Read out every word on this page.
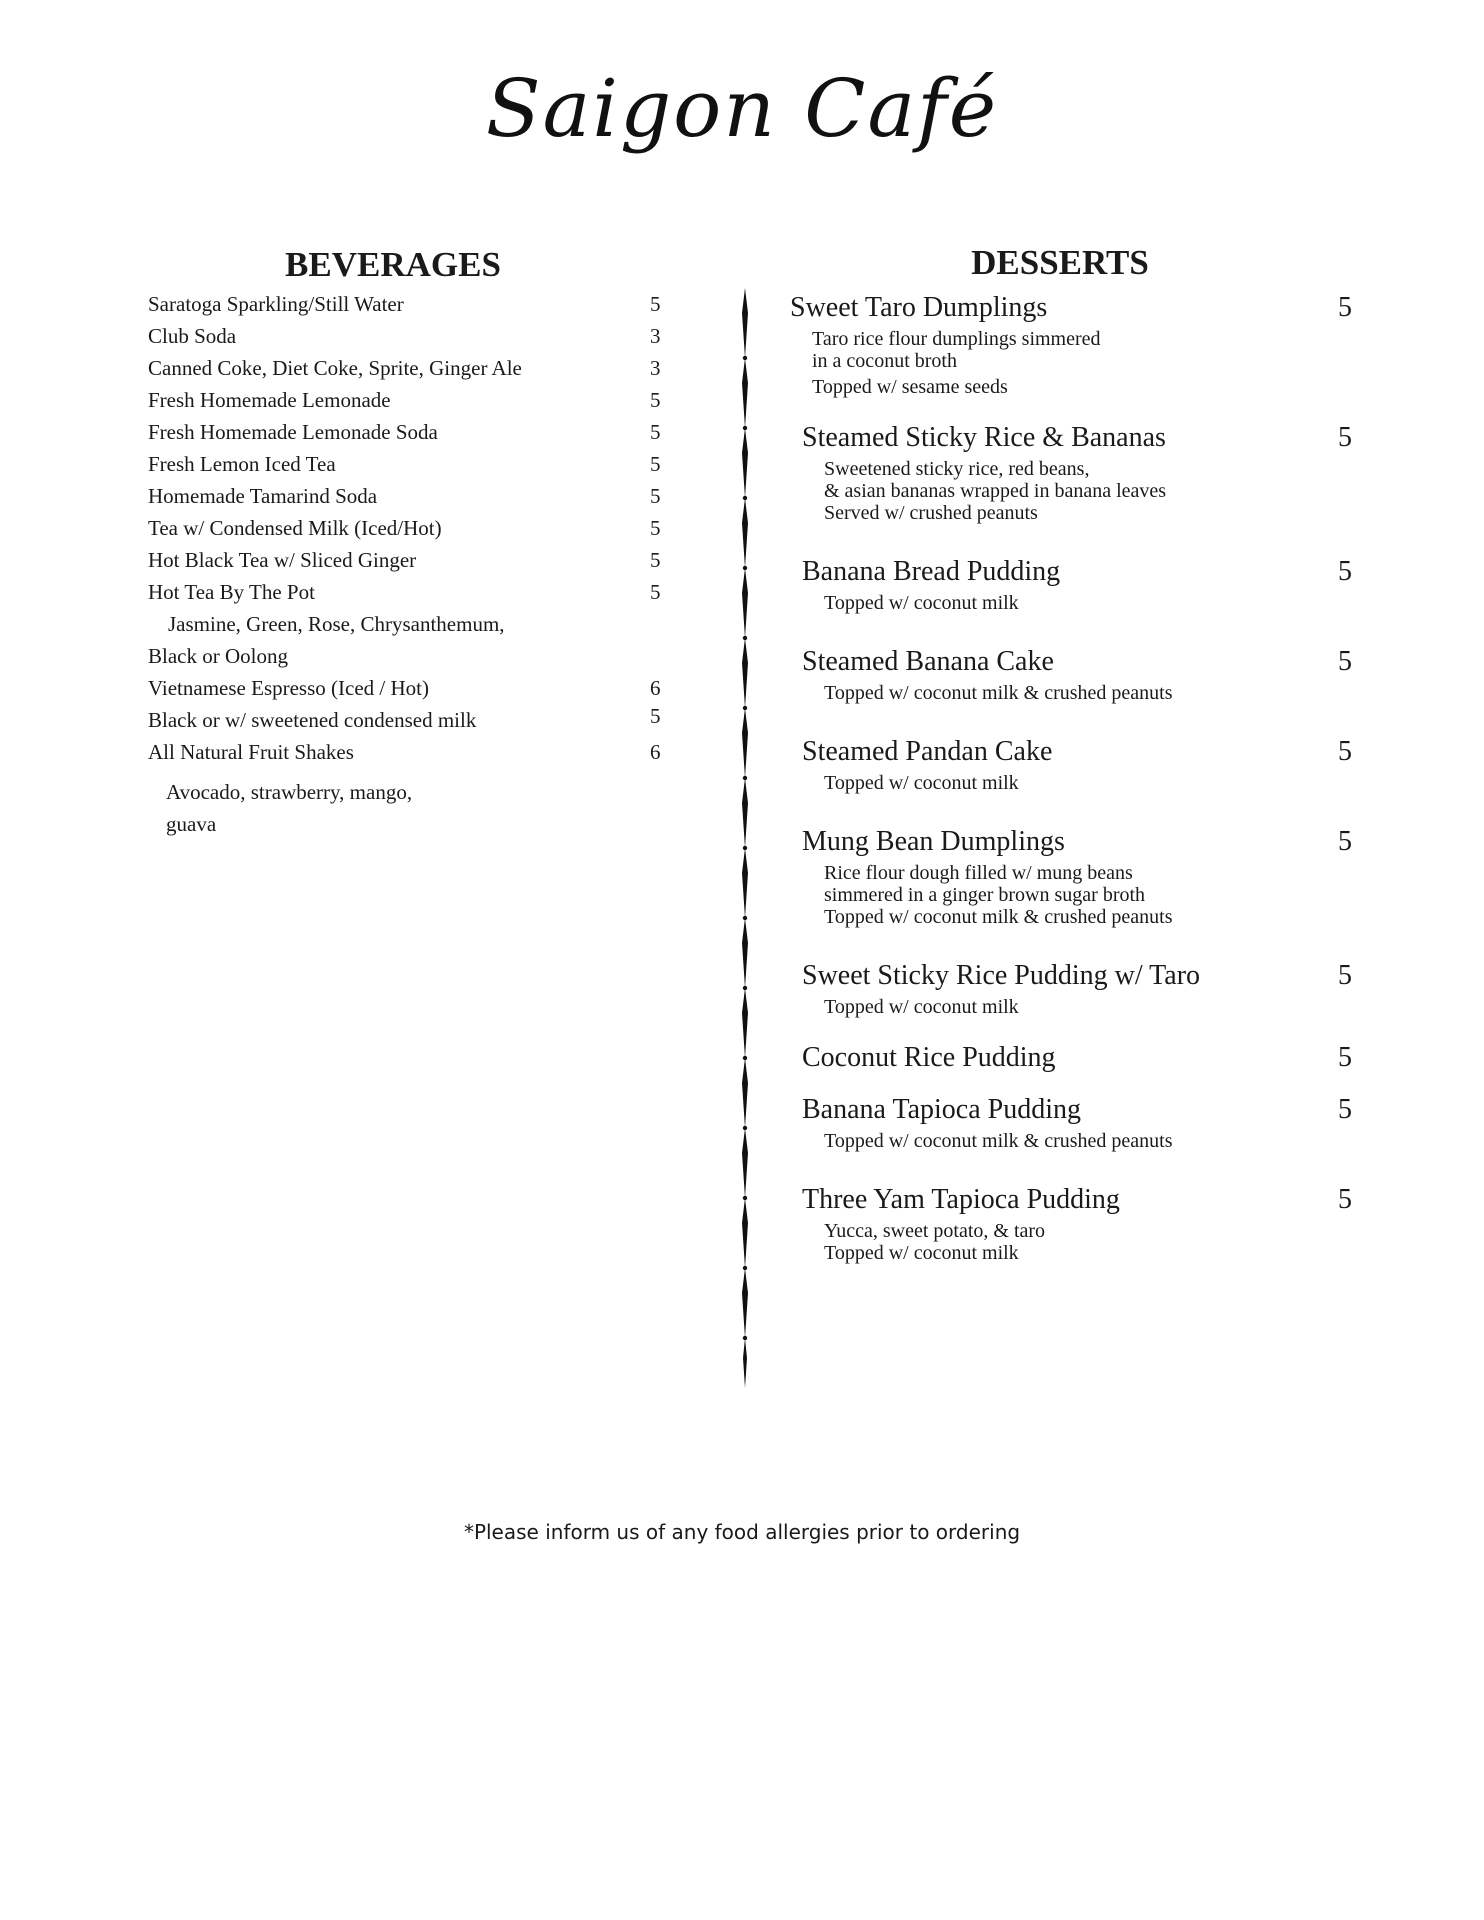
Saigon Café
BEVERAGES	DESSERTS
Saratoga Sparkling/Still Water	5
Club Soda	3
Canned Coke, Diet Coke, Sprite, Ginger Ale	3
Fresh Homemade Lemonade	5
Fresh Homemade Lemonade Soda	5
Fresh Lemon Iced Tea	5
Homemade Tamarind Soda	5
Tea w/ Condensed Milk (Iced/Hot)	5
Hot Black Tea w/ Sliced Ginger	5
Hot Tea By The Pot	5
Jasmine, Green, Rose, Chrysanthemum,
Black or Oolong
Vietnamese Espresso (Iced / Hot)	6
Black or w/ sweetened condensed milk	5
All Natural Fruit Shakes	6
Avocado, strawberry, mango,
guava
Sweet Taro Dumplings	5
Taro rice flour dumplings simmered
in a coconut broth
Topped w/ sesame seeds
Steamed Sticky Rice & Bananas	5
Sweetened sticky rice, red beans,
& asian bananas wrapped in banana leaves
Served w/ crushed peanuts
Banana Bread Pudding	5
Topped w/ coconut milk
Steamed Banana Cake	5
Topped w/ coconut milk & crushed peanuts
Steamed Pandan Cake	5
Topped w/ coconut milk
Mung Bean Dumplings	5
Rice flour dough filled w/ mung beans
simmered in a ginger brown sugar broth
Topped w/ coconut milk & crushed peanuts
Sweet Sticky Rice Pudding w/ Taro	5
Topped w/ coconut milk
Coconut Rice Pudding	5
Banana Tapioca Pudding	5
Topped w/ coconut milk & crushed peanuts
Three Yam Tapioca Pudding	5
Yucca, sweet potato, & taro
Topped w/ coconut milk
*Please inform us of any food allergies prior to ordering
